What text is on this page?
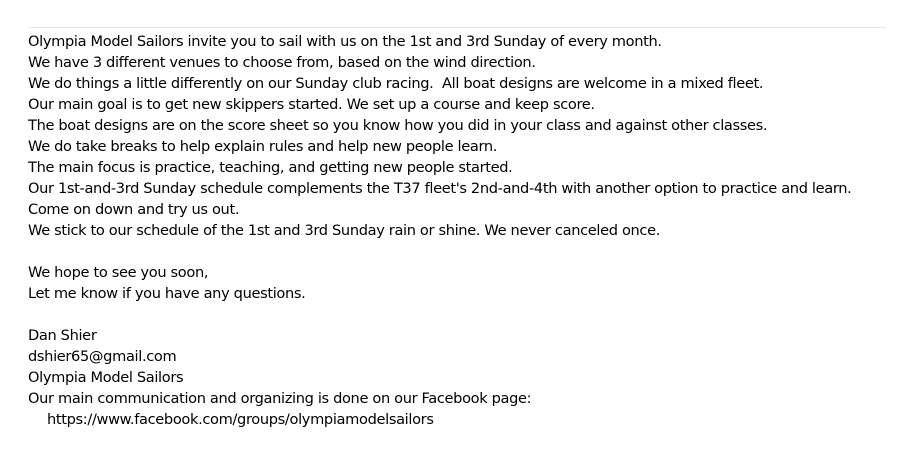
Olympia Model Sailors invite you to sail with us on the 1st and 3rd Sunday of every month.
We have 3 different venues to choose from, based on the wind direction.
We do things a little differently on our Sunday club racing.  All boat designs are welcome in a mixed fleet.
Our main goal is to get new skippers started. We set up a course and keep score.
The boat designs are on the score sheet so you know how you did in your class and against other classes.
We do take breaks to help explain rules and help new people learn.
The main focus is practice, teaching, and getting new people started.
Our 1st-and-3rd Sunday schedule complements the T37 fleet's 2nd-and-4th with another option to practice and learn.
Come on down and try us out.
We stick to our schedule of the 1st and 3rd Sunday rain or shine. We never canceled once.
We hope to see you soon,
Let me know if you have any questions.
Dan Shier
dshier65@gmail.com
Olympia Model Sailors
Our main communication and organizing is done on our Facebook page:
https://www.facebook.com/groups/olympiamodelsailors
